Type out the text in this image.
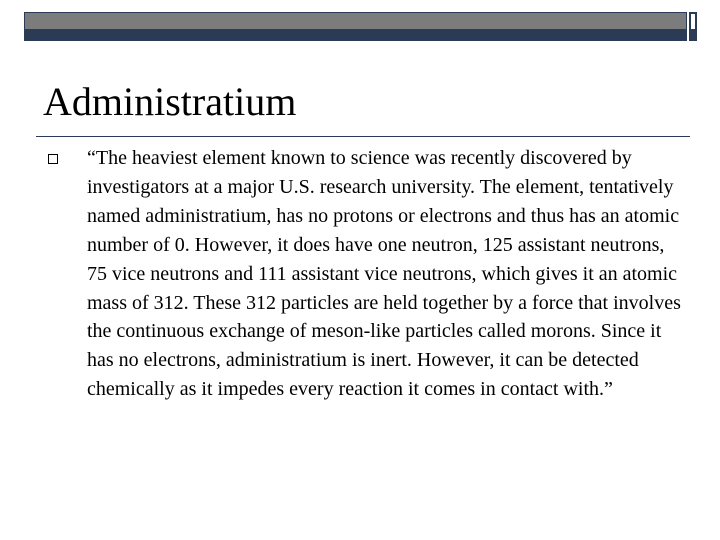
Administratium

“The heaviest element known to science was recently discovered by investigators at a major U.S. research university. The element, tentatively named administratium, has no protons or electrons and thus has an atomic number of 0. However, it does have one neutron, 125 assistant neutrons, 75 vice neutrons and 111 assistant vice neutrons, which gives it an atomic mass of 312. These 312 particles are held together by a force that involves the continuous exchange of meson-like particles called morons. Since it has no electrons, administratium is inert. However, it can be detected chemically as it impedes every reaction it comes in contact with.”
